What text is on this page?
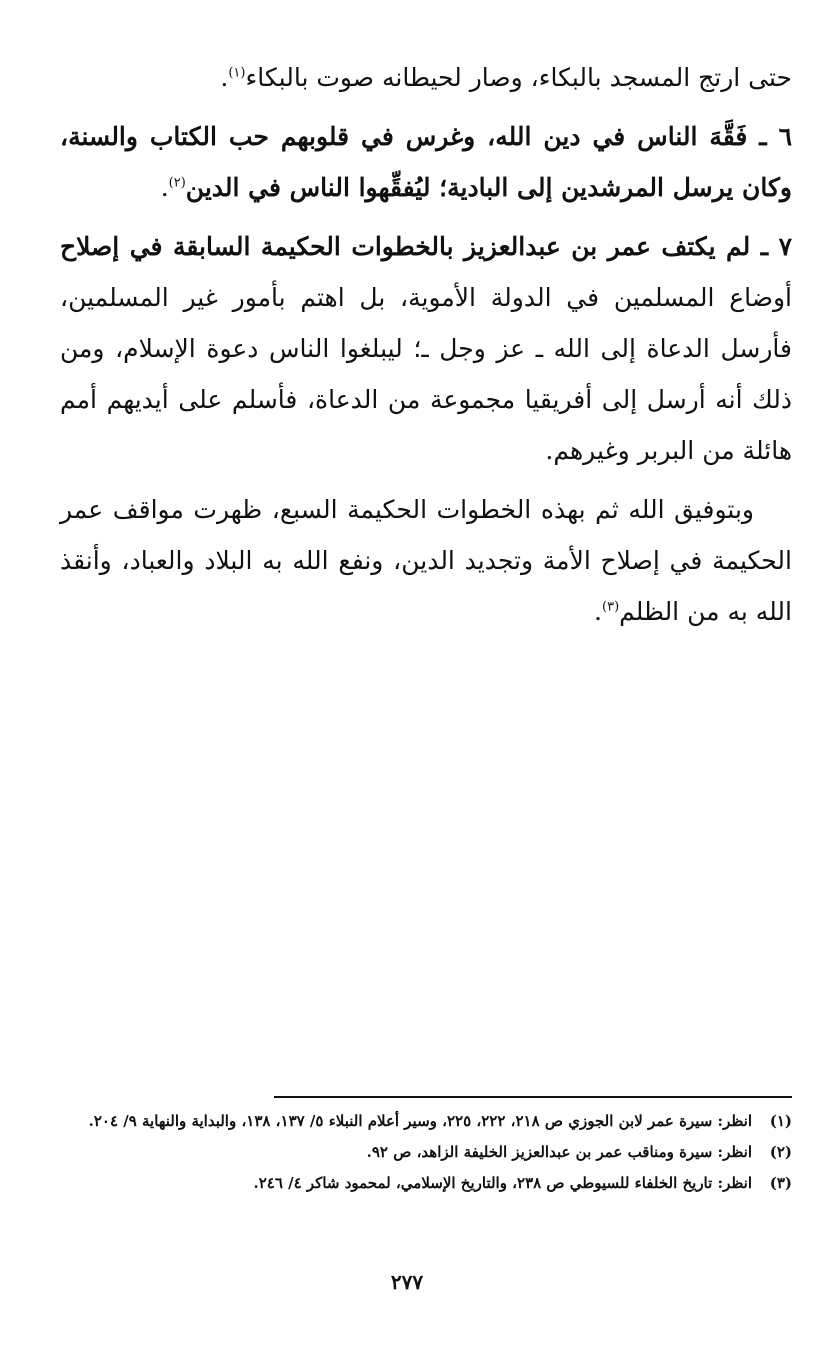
حتى ارتج المسجد بالبكاء، وصار لحيطانه صوت بالبكاء$^{(١)}$.

٦ ـ فَقَّهَ الناس في دين الله، وغرس في قلوبهم حب الكتاب والسنة، وكان يرسل المرشدين إلى البادية؛ ليُفقِّهوا الناس في الدين$^{(٢)}$.

٧ ـ لم يكتف عمر بن عبدالعزيز بالخطوات الحكيمة السابقة في إصلاح أوضاع المسلمين في الدولة الأموية، بل اهتم بأمور غير المسلمين، فأرسل الدعاة إلى الله ـ عز وجل ـ؛ ليبلغوا الناس دعوة الإسلام، ومن ذلك أنه أرسل إلى أفريقيا مجموعة من الدعاة، فأسلم على أيديهم أمم هائلة من البربر وغيرهم.

وبتوفيق الله ثم بهذه الخطوات الحكيمة السبع، ظهرت مواقف عمر الحكيمة في إصلاح الأمة وتجديد الدين، ونفع الله به البلاد والعباد، وأنقذ الله به من الظلم$^{(٣)}$.

(١)
انظر: سيرة عمر لابن الجوزي ص ٢١٨، ٢٢٢، ٢٢٥، وسير أعلام النبلاء ٥/ ١٣٧، ١٣٨، والبداية والنهاية ٩/ ٢٠٤.
(٢)
انظر: سيرة ومناقب عمر بن عبدالعزيز الخليفة الزاهد، ص ٩٢.
(٣)
انظر: تاريخ الخلفاء للسيوطي ص ٢٣٨، والتاريخ الإسلامي، لمحمود شاكر ٤/ ٢٤٦.
٢٧٧
